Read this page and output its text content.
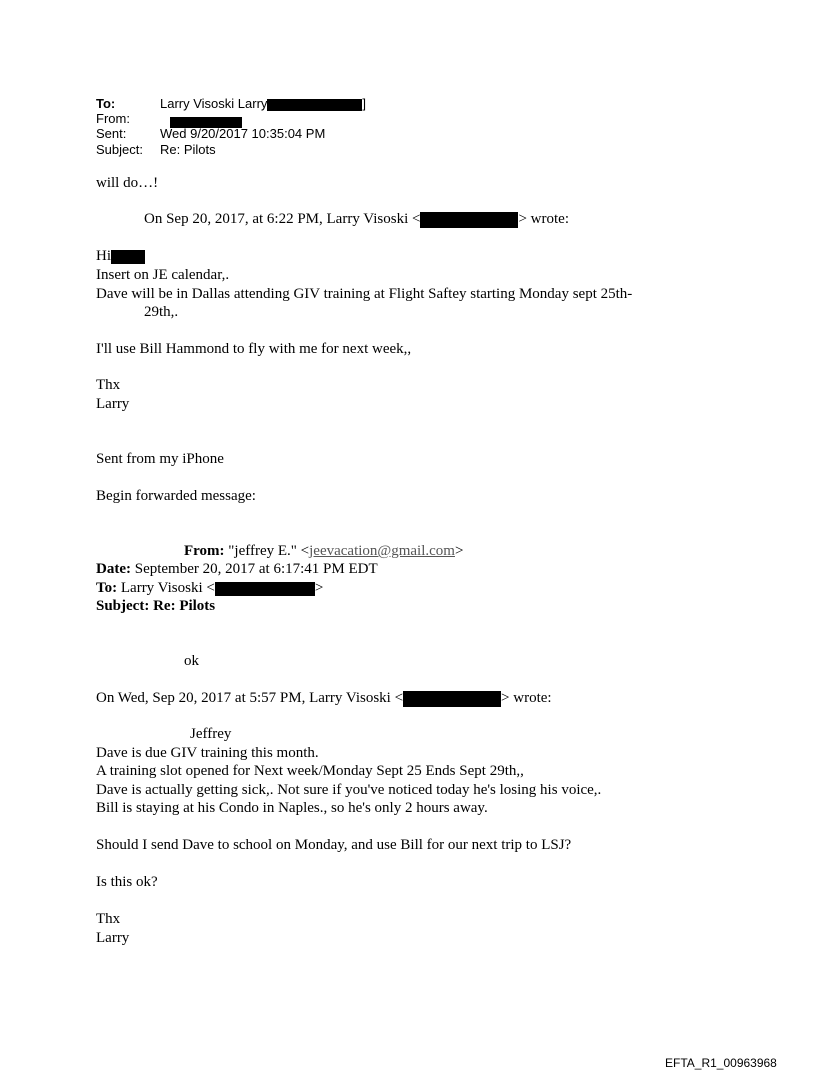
To:	Larry Visoski Larry	]
From:
Sent:	Wed 9/20/2017 10:35:04 PM
Subject: Re: Pilots
will do…!
On Sep 20, 2017, at 6:22 PM, Larry Visoski <	> wrote:
Hi
Insert on JE calendar,.
Dave will be in Dallas attending GIV training at Flight Saftey starting Monday sept 25th-
29th,.
I'll use Bill Hammond to fly with me for next week,,
Thx
Larry
Sent from my iPhone
Begin forwarded message:
From: "jeffrey E." <jeevacation@gmail.com>
Date: September 20, 2017 at 6:17:41 PM EDT
To: Larry Visoski <	>
Subject: Re: Pilots
ok
On Wed, Sep 20, 2017 at 5:57 PM, Larry Visoski <	> wrote:
Jeffrey
Dave is due GIV training this month.
A training slot opened for Next week/Monday Sept 25 Ends Sept 29th,,
Dave is actually getting sick,. Not sure if you've noticed today he's losing his voice,.
Bill is staying at his Condo in Naples., so he's only 2 hours away.
Should I send Dave to school on Monday, and use Bill for our next trip to LSJ?
Is this ok?
Thx
Larry
EFTA_R1_00963968
